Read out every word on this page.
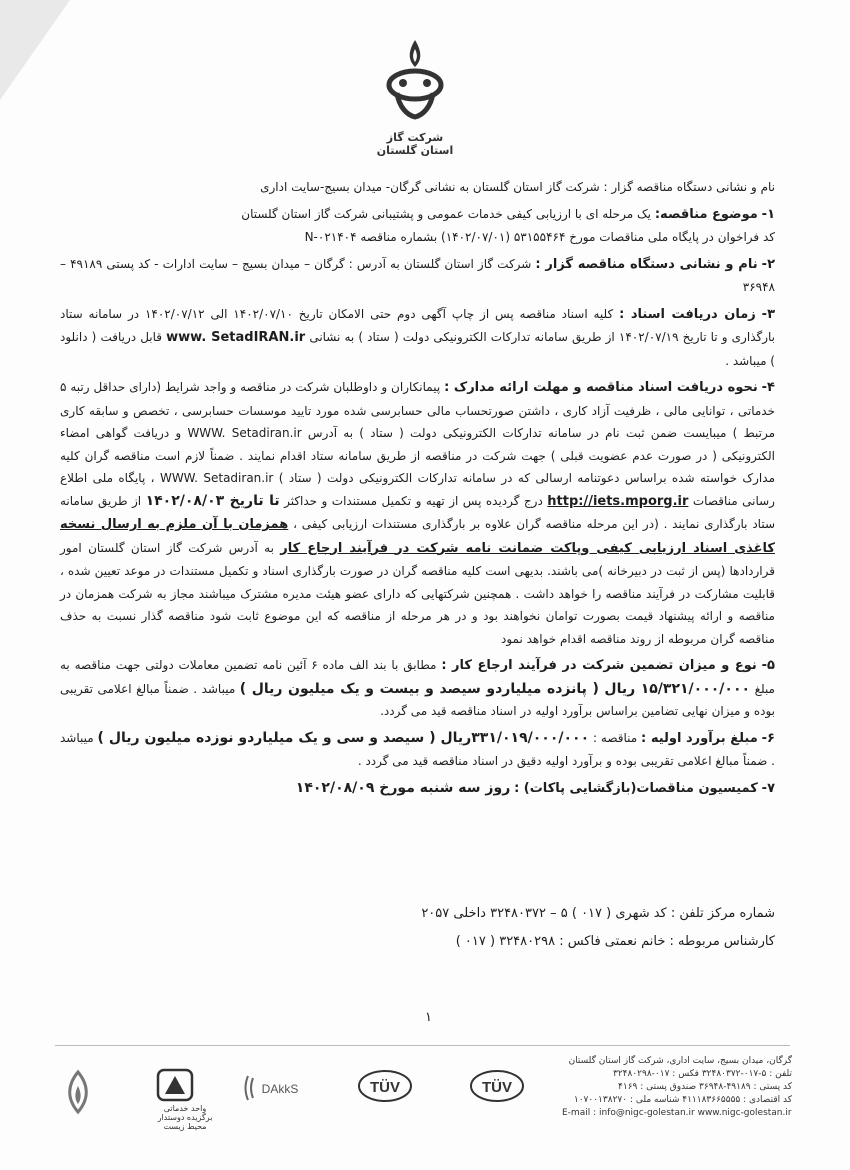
شرکت گاز استان گلستان

نام و نشانی دستگاه مناقصه گزار : شرکت گاز استان گلستان به نشانی گرگان- میدان بسیج-سایت اداری

۱- موضوع مناقصه: یک مرحله ای با ارزیابی کیفی خدمات عمومی و پشتیبانی شرکت گاز استان گلستان
کد فراخوان در پایگاه ملی مناقصات مورخ ۵۳۱۵۵۴۶۴ (۱۴۰۲/۰۷/۰۱) بشماره مناقصه N-۰۲۱۴۰۴

۲- نام و نشانی دستگاه مناقصه گزار : شرکت گاز استان گلستان به آدرس : گرگان – میدان بسیج – سایت ادارات - کد پستی ۴۹۱۸۹ – ۳۶۹۴۸

۳- زمان دریافت اسناد : کلیه اسناد مناقصه پس از چاپ آگهی دوم حتی الامکان تاریخ ۱۴۰۲/۰۷/۱۰ الی ۱۴۰۲/۰۷/۱۲ در سامانه ستاد بارگذاری و تا تاریخ ۱۴۰۲/۰۷/۱۹ از طریق سامانه تدارکات الکترونیکی دولت ( ستاد ) به نشانی www. SetadIRAN.ir قابل دریافت ( دانلود ) میباشد .

۴- نحوه دریافت اسناد مناقصه و مهلت ارائه مدارک : پیمانکاران و داوطلبان شرکت در مناقصه و واجد شرایط (دارای حداقل رتبه ۵ خدماتی ، توانایی مالی ، ظرفیت آزاد کاری ، داشتن صورتحساب مالی حسابرسی شده مورد تایید موسسات حسابرسی ، تخصص و سابقه کاری مرتبط ) میبایست ضمن ثبت نام در سامانه تدارکات الکترونیکی دولت ( ستاد ) به آدرس WWW. Setadiran.ir و دریافت گواهی امضاء الکترونیکی ( در صورت عدم عضویت قبلی ) جهت شرکت در مناقصه از طریق سامانه ستاد اقدام نمایند . ضمناً لازم است مناقصه گران کلیه مدارک خواسته شده براساس دعوتنامه ارسالی که در سامانه تدارکات الکترونیکی دولت ( ستاد ) WWW. Setadiran.ir ، پایگاه ملی اطلاع رسانی مناقصات http://iets.mporg.ir درج گردیده پس از تهیه و تکمیل مستندات و حداکثر تا تاریخ ۱۴۰۲/۰۸/۰۳ از طریق سامانه ستاد بارگذاری نمایند . (در این مرحله مناقصه گران علاوه بر بارگذاری مستندات ارزیابی کیفی ، همزمان با آن ملزم به ارسال نسخه کاغذی اسناد ارزیابی کیفی وپاکت ضمانت نامه شرکت در فرآیند ارجاع کار به آدرس شرکت گاز استان گلستان امور قراردادها (پس از ثبت در دبیرخانه )می باشند. بدیهی است کلیه مناقصه گران در صورت بارگذاری اسناد و تکمیل مستندات در موعد تعیین شده ، قابلیت مشارکت در فرآیند مناقصه را خواهد داشت . همچنین شرکتهایی که دارای عضو هیئت مدیره مشترک میباشند مجاز به شرکت همزمان در مناقصه و ارائه پیشنهاد قیمت بصورت توامان نخواهند بود و در هر مرحله از مناقصه که این موضوع ثابت شود مناقصه گذار نسبت به حذف مناقصه گران مربوطه از روند مناقصه اقدام خواهد نمود

۵- نوع و میزان تضمین شرکت در فرآیند ارجاع کار : مطابق با بند الف ماده ۶ آئین نامه تضمین معاملات دولتی جهت مناقصه به مبلغ ۱۵/۳۲۱/۰۰۰/۰۰۰ ریال ( پانزده میلیاردو سیصد و بیست و یک میلیون ریال ) میباشد . ضمناً مبالغ اعلامی تقریبی بوده و میزان نهایی تضامین براساس برآورد اولیه در اسناد مناقصه قید می گردد.

۶- مبلغ برآورد اولیه : مناقصه : ۳۳۱/۰۱۹/۰۰۰/۰۰۰ریال ( سیصد و سی و یک میلیاردو نوزده میلیون ریال ) میباشد . ضمناً مبالغ اعلامی تقریبی بوده و برآورد اولیه دقیق در اسناد مناقصه قید می گردد .

۷- کمیسیون مناقصات(بازگشایی پاکات) : روز سه شنبه مورخ ۱۴۰۲/۰۸/۰۹

شماره مرکز تلفن : کد شهری ( ۰۱۷ ) ۵ – ۳۲۴۸۰۳۷۲ داخلی ۲۰۵۷
کارشناس مربوطه : خانم نعمتی فاکس : ۳۲۴۸۰۲۹۸ ( ۰۱۷ )
۱
گرگان، میدان بسیج، سایت اداری، شرکت گاز استان گلستان
تلفن : ۵-۰۱۷-۳۲۴۸۰۳۷۲ فکس : ۰۱۷-۳۲۴۸۰۲۹۸
کد پستی : ۴۹۱۸۹-۳۶۹۴۸ صندوق پستی : ۴۱۶۹
کد اقتصادی : ۴۱۱۱۸۳۶۶۵۵۵۵ شناسه ملی : ۱۰۷۰۰۱۳۸۲۷۰
E-mail : info@nigc-golestan.ir www.nigc-golestan.ir
TÜV
TÜV
DAkkS
واحد خدماتی برگزیده دوستدار محیط زیست
